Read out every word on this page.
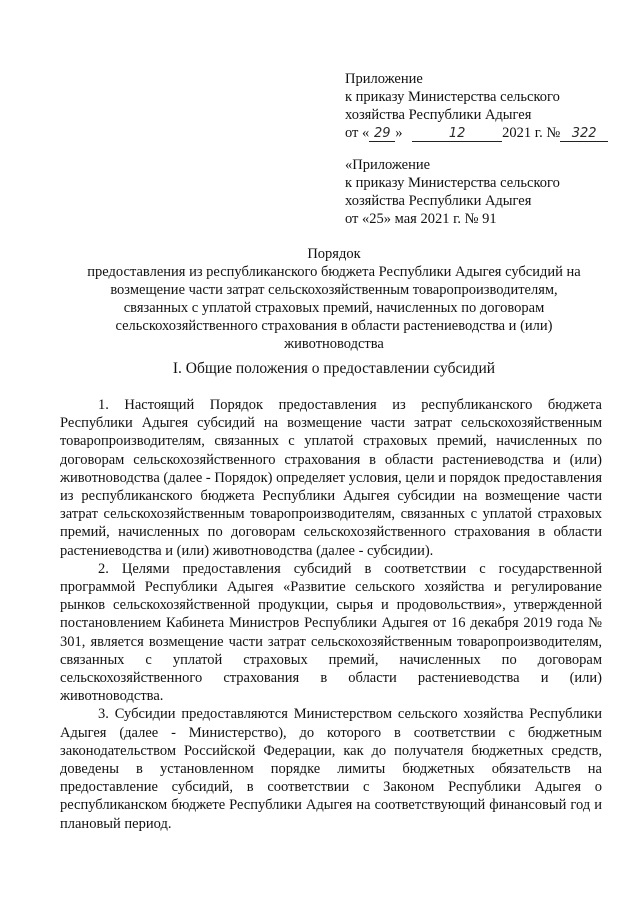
Приложение
к приказу Министерства сельского
хозяйства Республики Адыгея
от « 29 »	12	2021 г. № 322
«Приложение
к приказу Министерства сельского
хозяйства Республики Адыгея
от «25» мая 2021 г. № 91
Порядок
предоставления из республиканского бюджета Республики Адыгея субсидий на
возмещение части затрат сельскохозяйственным товаропроизводителям,
связанных с уплатой страховых премий, начисленных по договорам
сельскохозяйственного страхования в области растениеводства и (или)
животноводства
I. Общие положения о предоставлении субсидий

1. Настоящий Порядок предоставления из республиканского бюджета Республики Адыгея субсидий на возмещение части затрат сельскохозяйственным товаропроизводителям, связанных с уплатой страховых премий, начисленных по договорам сельскохозяйственного страхования в области растениеводства и (или) животноводства (далее - Порядок) определяет условия, цели и порядок предоставления из республиканского бюджета Республики Адыгея субсидии на возмещение части затрат сельскохозяйственным товаропроизводителям, связанных с уплатой страховых премий, начисленных по договорам сельскохозяйственного страхования в области растениеводства и (или) животноводства (далее - субсидии).

2. Целями предоставления субсидий в соответствии с государственной программой Республики Адыгея «Развитие сельского хозяйства и регулирование рынков сельскохозяйственной продукции, сырья и продовольствия», утвержденной постановлением Кабинета Министров Республики Адыгея от 16 декабря 2019 года № 301, является возмещение части затрат сельскохозяйственным товаропроизводителям, связанных с уплатой страховых премий, начисленных по договорам сельскохозяйственного страхования в области растениеводства и (или) животноводства.

3. Субсидии предоставляются Министерством сельского хозяйства Республики Адыгея (далее - Министерство), до которого в соответствии с бюджетным законодательством Российской Федерации, как до получателя бюджетных средств, доведены в установленном порядке лимиты бюджетных обязательств на предоставление субсидий, в соответствии с Законом Республики Адыгея о республиканском бюджете Республики Адыгея на соответствующий финансовый год и плановый период.
